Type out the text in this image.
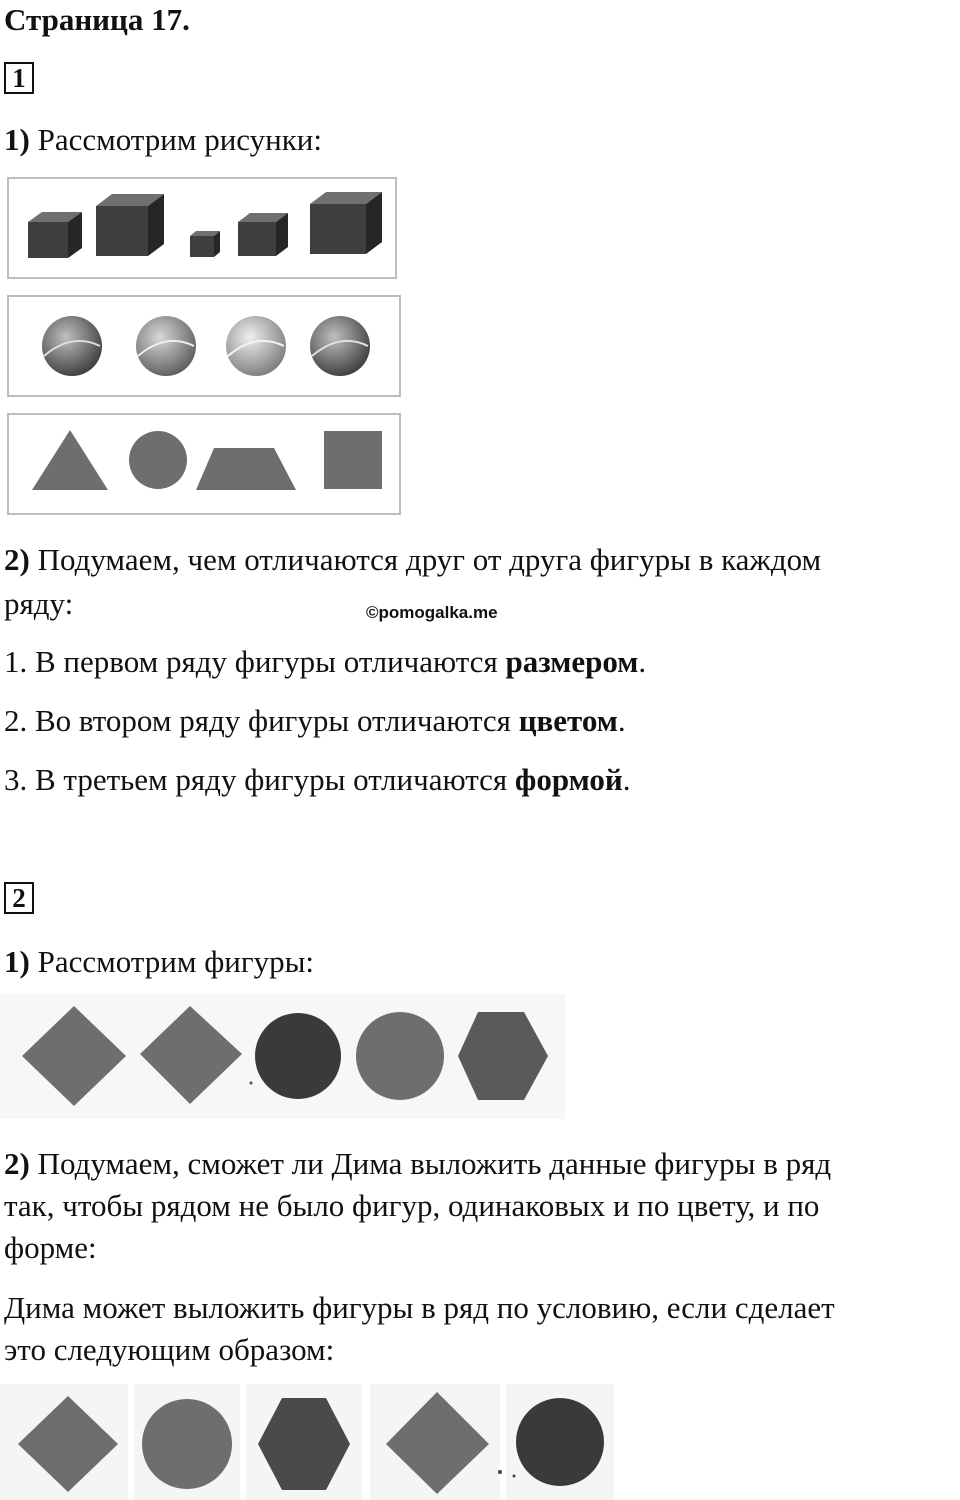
Страница 17.
1
1) Рассмотрим рисунки:
2) Подумаем, чем отличаются друг от друга фигуры в каждом
ряду:	©pomogalka.me
1. В первом ряду фигуры отличаются размером.
2. Во втором ряду фигуры отличаются цветом.
3. В третьем ряду фигуры отличаются формой.
2
1) Рассмотрим фигуры:
2) Подумаем, сможет ли Дима выложить данные фигуры в ряд
так, чтобы рядом не было фигур, одинаковых и по цвету, и по
форме:
Дима может выложить фигуры в ряд по условию, если сделает
это следующим образом:
